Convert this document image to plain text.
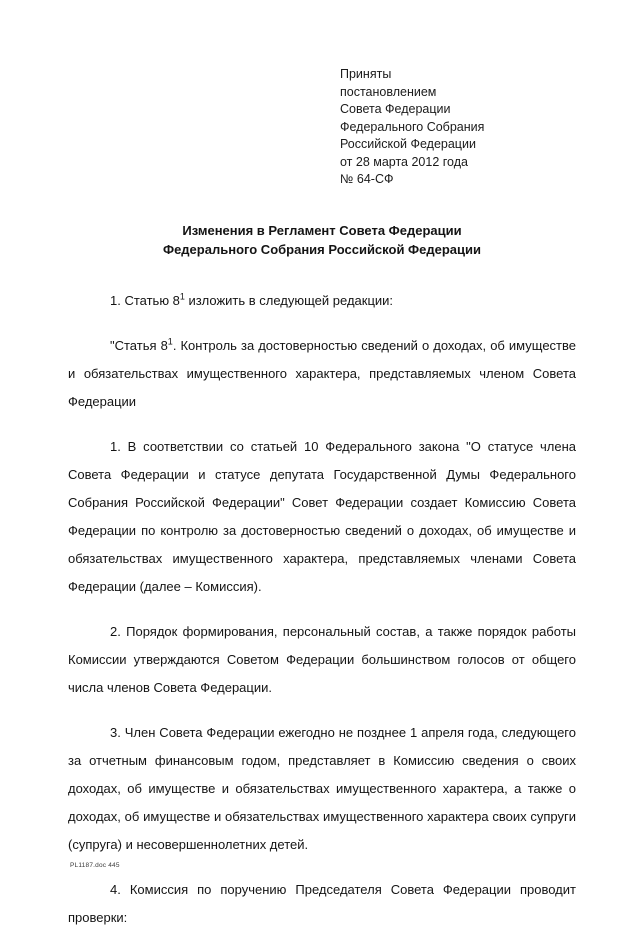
Приняты
постановлением
Совета Федерации
Федерального Собрания
Российской Федерации
от 28 марта 2012 года
№ 64-СФ
Изменения в Регламент Совета Федерации
Федерального Собрания Российской Федерации

1. Статью $8^1$ изложить в следующей редакции:

"Статья $8^1$. Контроль за достоверностью сведений о доходах, об имуществе и обязательствах имущественного характера, представляемых членом Совета Федерации

1. В соответствии со статьей 10 Федерального закона "О статусе члена Совета Федерации и статусе депутата Государственной Думы Федерального Собрания Российской Федерации" Совет Федерации создает Комиссию Совета Федерации по контролю за достоверностью сведений о доходах, об имуществе и обязательствах имущественного характера, представляемых членами Совета Федерации (далее – Комиссия).

2. Порядок формирования, персональный состав, а также порядок работы Комиссии утверждаются Советом Федерации большинством голосов от общего числа членов Совета Федерации.

3. Член Совета Федерации ежегодно не позднее 1 апреля года, следующего за отчетным финансовым годом, представляет в Комиссию сведения о своих доходах, об имуществе и обязательствах имущественного характера, а также о доходах, об имуществе и обязательствах имущественного характера своих супруги (супруга) и несовершеннолетних детей.

4. Комиссия по поручению Председателя Совета Федерации проводит проверки:

PL1187.doc 445
